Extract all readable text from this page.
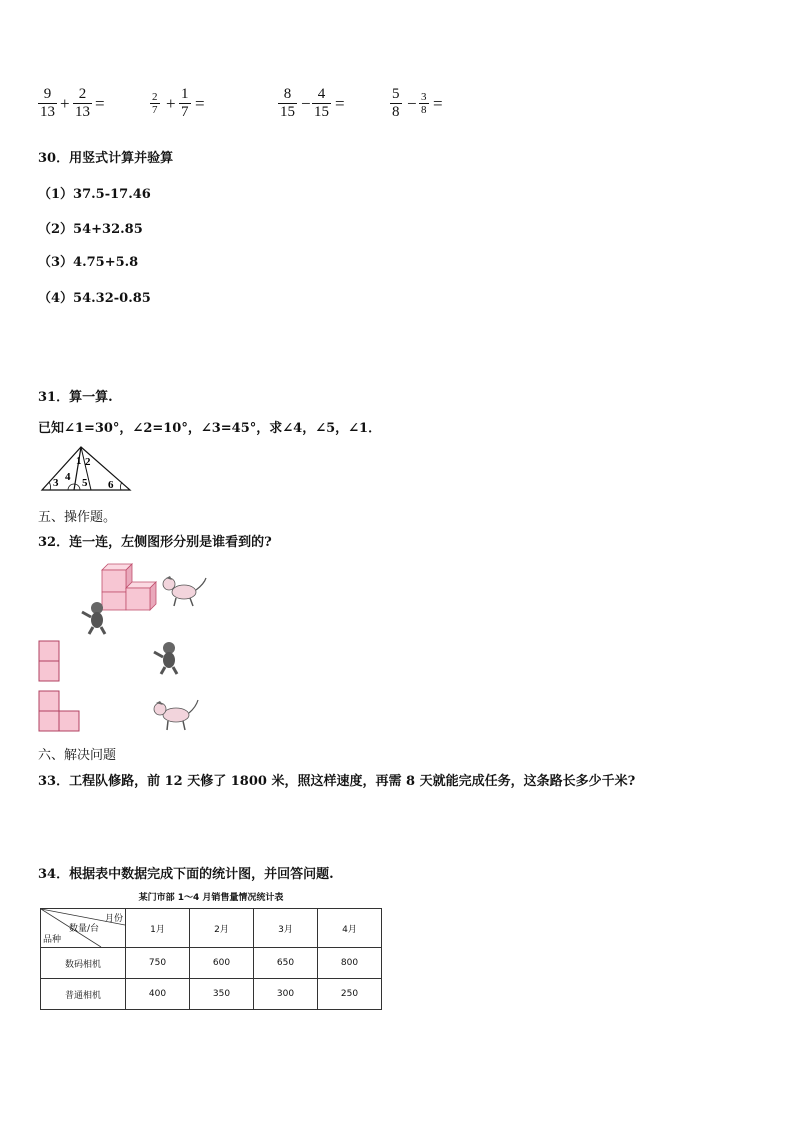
$\frac{9}{13} + \frac{2}{13}$ =	$\frac{2}{7} + \frac{1}{7}$ =	$\frac{8}{15} - \frac{4}{15}$ =	$\frac{5}{8} - \frac{3}{8}$ =
30．用竖式计算并验算
（1）37.5-17.46
（2）54+32.85
（3）4.75+5.8
（4）54.32-0.85
31．算一算.
已知∠1=30°，∠2=10°，∠3=45°，求∠4，∠5，∠1．
1 2
3 4 5 6
五、操作题。
32．连一连，左侧图形分别是谁看到的?
六、解决问题
33．工程队修路，前 12 天修了 1800 米，照这样速度，再需 8 天就能完成任务，这条路长多少千米?
34．根据表中数据完成下面的统计图，并回答问题.
某门市部 1～4 月销售量情况统计表
月份
数量/台
品种	1月	2月	3月	4月
数码相机	750	600	650	800
普通相机	400	350	300	250
